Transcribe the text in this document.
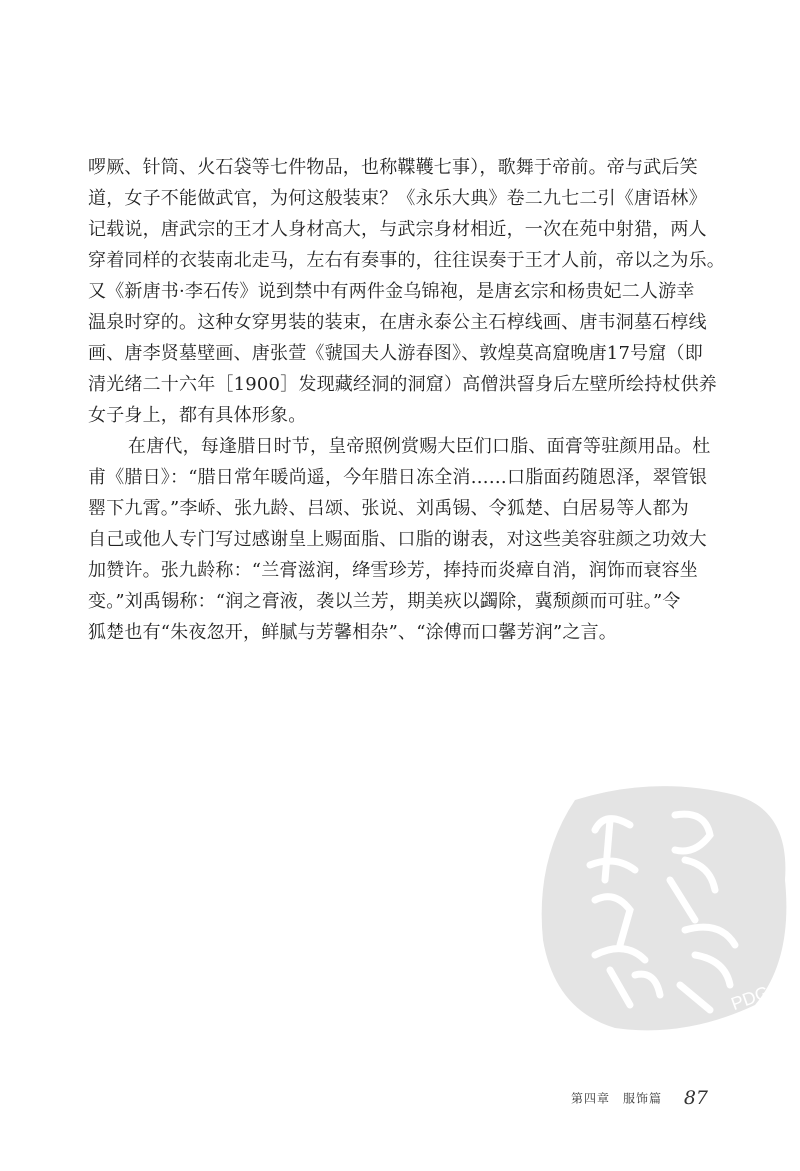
啰厥、针筒、火石袋等七件物品，也称鞢韄七事），歌舞于帝前。帝与武后笑
道，女子不能做武官，为何这般装束？《永乐大典》卷二九七二引《唐语林》
记载说，唐武宗的王才人身材高大，与武宗身材相近，一次在苑中射猎，两人
穿着同样的衣装南北走马，左右有奏事的，往往误奏于王才人前，帝以之为乐。
又《新唐书·李石传》说到禁中有两件金乌锦袍，是唐玄宗和杨贵妃二人游幸
温泉时穿的。这种女穿男装的装束，在唐永泰公主石椁线画、唐韦洞墓石椁线
画、唐李贤墓壁画、唐张萱《虢国夫人游春图》、敦煌莫高窟晚唐17号窟（即
清光绪二十六年［1900］发现藏经洞的洞窟）高僧洪䛒身后左壁所绘持杖供养
女子身上，都有具体形象。
在唐代，每逢腊日时节，皇帝照例赏赐大臣们口脂、面膏等驻颜用品。杜
甫《腊日》：“腊日常年暖尚遥，今年腊日冻全消……口脂面药随恩泽，翠管银
罂下九霄。”李峤、张九龄、吕颂、张说、刘禹锡、令狐楚、白居易等人都为
自己或他人专门写过感谢皇上赐面脂、口脂的谢表，对这些美容驻颜之功效大
加赞许。张九龄称：“兰膏滋润，绛雪珍芳，捧持而炎瘴自消，润饰而衰容坐
变。”刘禹锡称：“润之膏液，袭以兰芳，期美疢以蠲除，冀颓颜而可驻。”令
狐楚也有“朱夜忽开，鲜腻与芳馨相杂”、“涂傅而口馨芳润”之言。
PDG
第四章　服饰篇 87
